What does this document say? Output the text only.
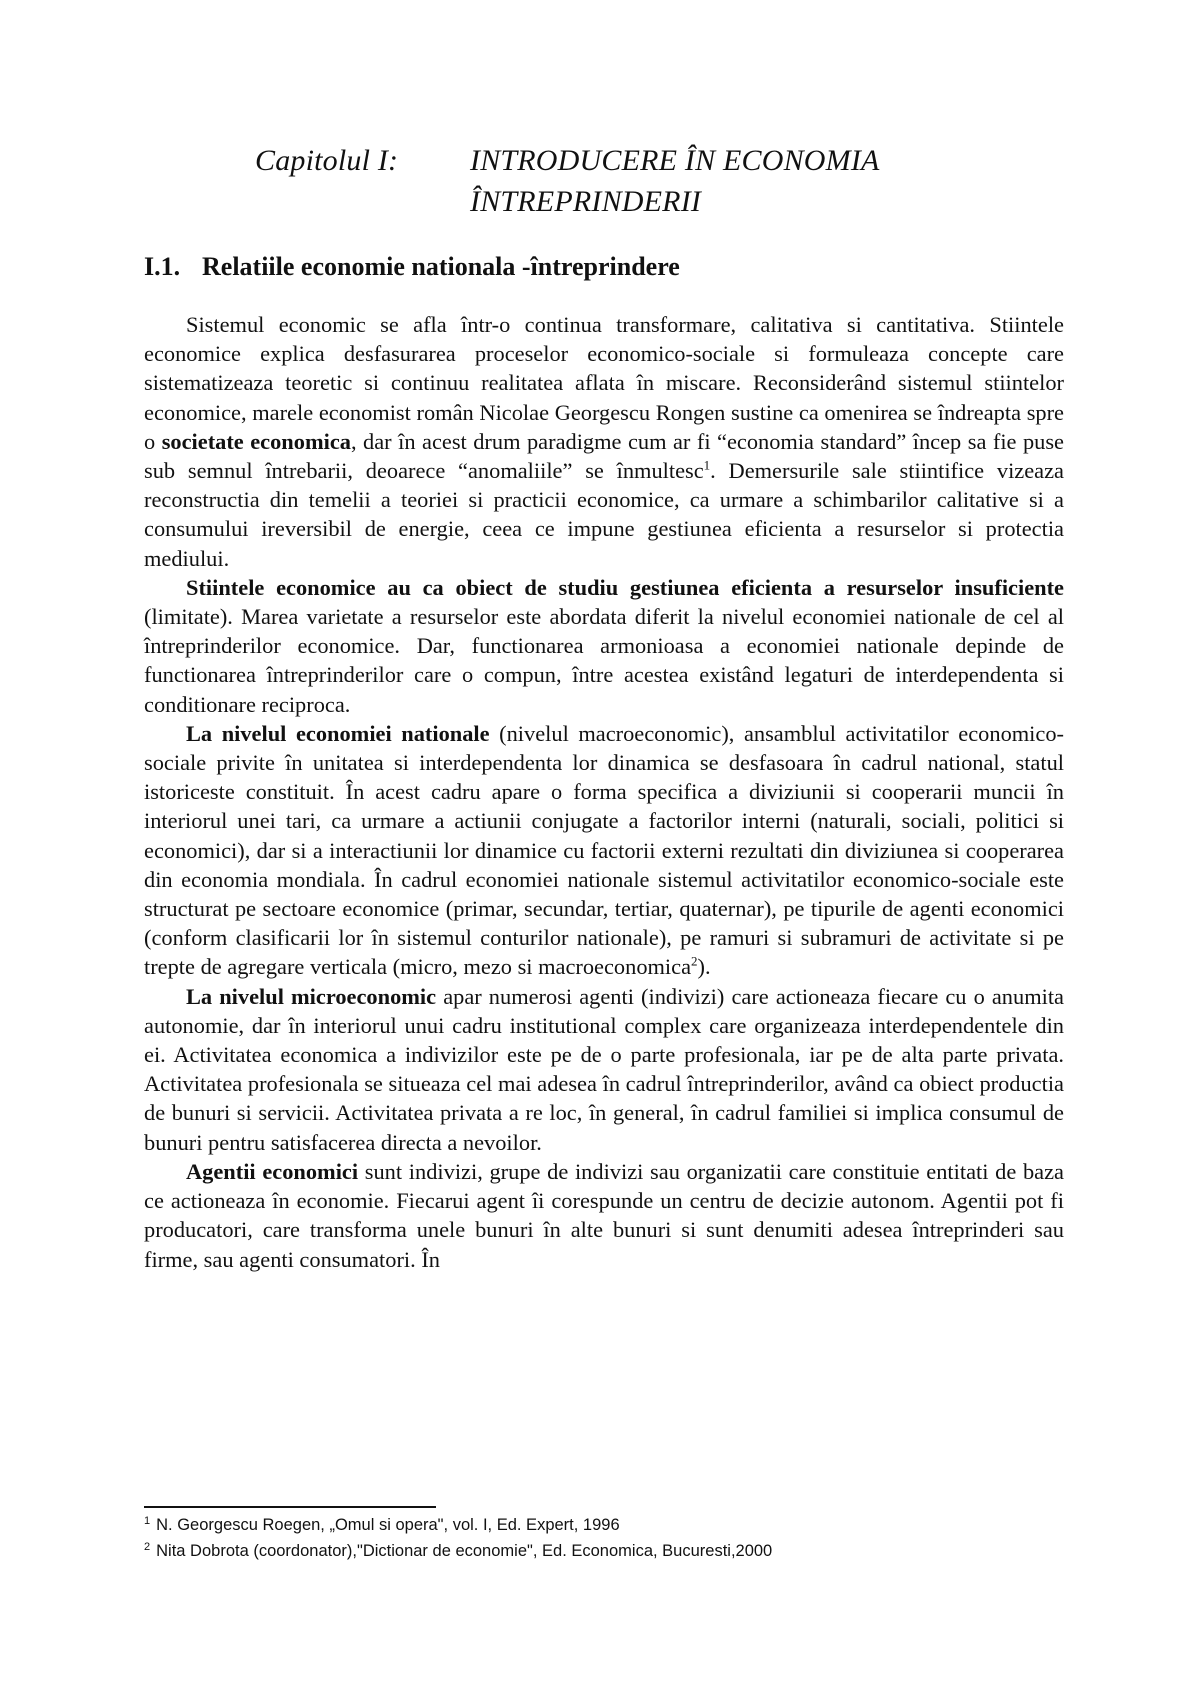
Capitolul I: INTRODUCERE ÎN ECONOMIA
ÎNTREPRINDERII
I.1. Relatiile economie nationala -întreprindere

Sistemul economic se afla într-o continua transformare, calitativa si cantitativa. Stiintele economice explica desfasurarea proceselor economico-sociale si formuleaza concepte care sistematizeaza teoretic si continuu realitatea aflata în miscare. Reconsiderând sistemul stiintelor economice, marele economist român Nicolae Georgescu Rongen sustine ca omenirea se îndreapta spre o societate economica, dar în acest drum paradigme cum ar fi “economia standard” încep sa fie puse sub semnul întrebarii, deoarece “anomaliile” se înmultesc$^1$. Demersurile sale stiintifice vizeaza reconstructia din temelii a teoriei si practicii economice, ca urmare a schimbarilor calitative si a consumului ireversibil de energie, ceea ce impune gestiunea eficienta a resurselor si protectia mediului.

Stiintele economice au ca obiect de studiu gestiunea eficienta a resurselor insuficiente (limitate). Marea varietate a resurselor este abordata diferit la nivelul economiei nationale de cel al întreprinderilor economice. Dar, functionarea armonioasa a economiei nationale depinde de functionarea întreprinderilor care o compun, între acestea existând legaturi de interdependenta si conditionare reciproca.

La nivelul economiei nationale (nivelul macroeconomic), ansamblul activitatilor economico-sociale privite în unitatea si interdependenta lor dinamica se desfasoara în cadrul national, statul istoriceste constituit. În acest cadru apare o forma specifica a diviziunii si cooperarii muncii în interiorul unei tari, ca urmare a actiunii conjugate a factorilor interni (naturali, sociali, politici si economici), dar si a interactiunii lor dinamice cu factorii externi rezultati din diviziunea si cooperarea din economia mondiala. În cadrul economiei nationale sistemul activitatilor economico-sociale este structurat pe sectoare economice (primar, secundar, tertiar, quaternar), pe tipurile de agenti economici (conform clasificarii lor în sistemul conturilor nationale), pe ramuri si subramuri de activitate si pe trepte de agregare verticala (micro, mezo si macroeconomica$^2$).

La nivelul microeconomic apar numerosi agenti (indivizi) care actioneaza fiecare cu o anumita autonomie, dar în interiorul unui cadru institutional complex care organizeaza interdependentele din ei. Activitatea economica a indivizilor este pe de o parte profesionala, iar pe de alta parte privata. Activitatea profesionala se situeaza cel mai adesea în cadrul întreprinderilor, având ca obiect productia de bunuri si servicii. Activitatea privata a re loc, în general, în cadrul familiei si implica consumul de bunuri pentru satisfacerea directa a nevoilor.

Agentii economici sunt indivizi, grupe de indivizi sau organizatii care constituie entitati de baza ce actioneaza în economie. Fiecarui agent îi corespunde un centru de decizie autonom. Agentii pot fi producatori, care transforma unele bunuri în alte bunuri si sunt denumiti adesea întreprinderi sau firme, sau agenti consumatori. În

$^1$ N. Georgescu Roegen, „Omul si opera", vol. I, Ed. Expert, 1996
$^2$ Nita Dobrota (coordonator),"Dictionar de economie", Ed. Economica, Bucuresti,2000
